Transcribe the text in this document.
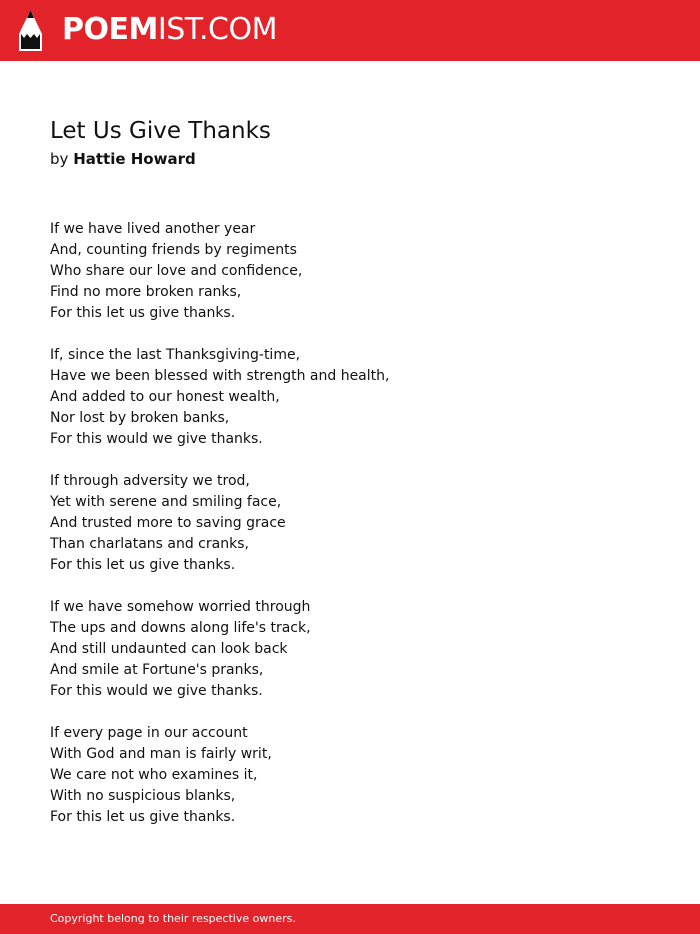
POEMIST.COM
Let Us Give Thanks
by Hattie Howard
If we have lived another year
And, counting friends by regiments
Who share our love and confidence,
Find no more broken ranks,
For this let us give thanks.
If, since the last Thanksgiving-time,
Have we been blessed with strength and health,
And added to our honest wealth,
Nor lost by broken banks,
For this would we give thanks.
If through adversity we trod,
Yet with serene and smiling face,
And trusted more to saving grace
Than charlatans and cranks,
For this let us give thanks.
If we have somehow worried through
The ups and downs along life's track,
And still undaunted can look back
And smile at Fortune's pranks,
For this would we give thanks.
If every page in our account
With God and man is fairly writ,
We care not who examines it,
With no suspicious blanks,
For this let us give thanks.
Copyright belong to their respective owners.
